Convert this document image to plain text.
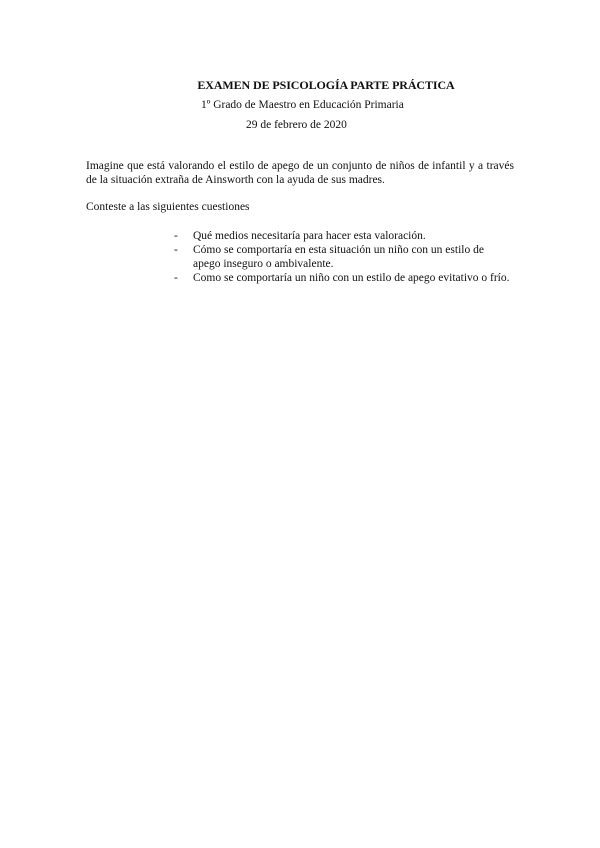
EXAMEN DE PSICOLOGÍA PARTE PRÁCTICA
1º Grado de Maestro en Educación Primaria
29 de febrero de 2020
Imagine que está valorando el estilo de apego de un conjunto de niños de infantil y a través de la situación extraña de Ainsworth con la ayuda de sus madres.
Conteste a las siguientes cuestiones
- Qué medios necesitaría para hacer esta valoración.
- Cómo se comportaría en esta situación un niño con un estilo de apego inseguro o ambivalente.
- Como se comportaría un niño con un estilo de apego evitativo o frío.
